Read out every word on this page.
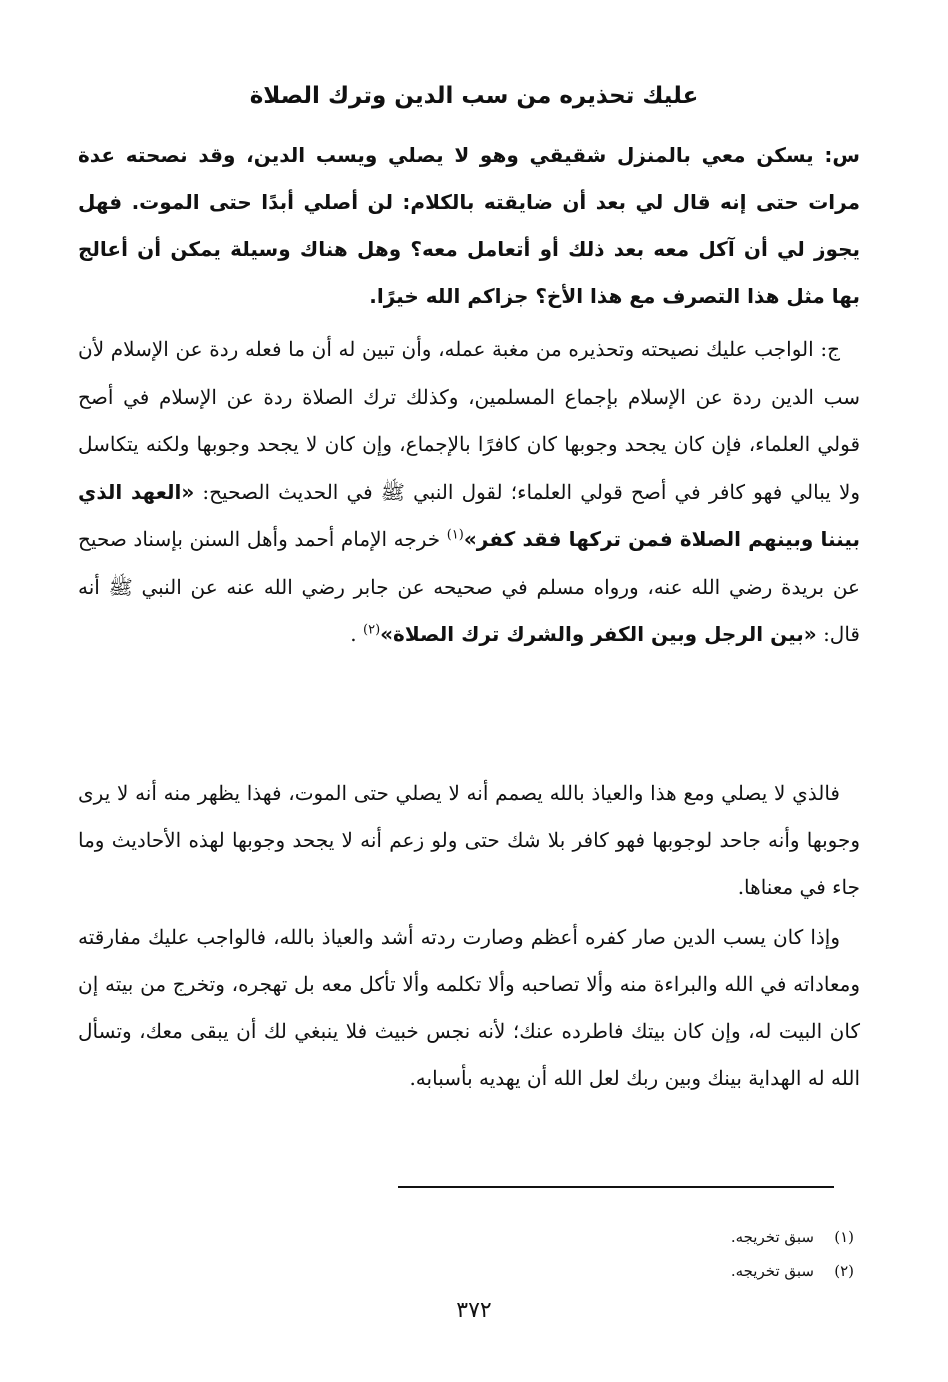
عليك تحذيره من سب الدين وترك الصلاة

س: يسكن معي بالمنزل شقيقي وهو لا يصلي ويسب الدين، وقد نصحته عدة مرات حتى إنه قال لي بعد أن ضايقته بالكلام: لن أصلي أبدًا حتى الموت. فهل يجوز لي أن آكل معه بعد ذلك أو أتعامل معه؟ وهل هناك وسيلة يمكن أن أعالج بها مثل هذا التصرف مع هذا الأخ؟ جزاكم الله خيرًا.

ج: الواجب عليك نصيحته وتحذيره من مغبة عمله، وأن تبين له أن ما فعله ردة عن الإسلام لأن سب الدين ردة عن الإسلام بإجماع المسلمين، وكذلك ترك الصلاة ردة عن الإسلام في أصح قولي العلماء، فإن كان يجحد وجوبها كان كافرًا بالإجماع، وإن كان لا يجحد وجوبها ولكنه يتكاسل ولا يبالي فهو كافر في أصح قولي العلماء؛ لقول النبي ﷺ في الحديث الصحيح: «العهد الذي بيننا وبينهم الصلاة فمن تركها فقد كفر»$^{(١)}$ خرجه الإمام أحمد وأهل السنن بإسناد صحيح عن بريدة رضي الله عنه، ورواه مسلم في صحيحه عن جابر رضي الله عنه عن النبي ﷺ أنه قال: «بين الرجل وبين الكفر والشرك ترك الصلاة»$^{(٢)}$ .

فالذي لا يصلي ومع هذا والعياذ بالله يصمم أنه لا يصلي حتى الموت، فهذا يظهر منه أنه لا يرى وجوبها وأنه جاحد لوجوبها فهو كافر بلا شك حتى ولو زعم أنه لا يجحد وجوبها لهذه الأحاديث وما جاء في معناها.

وإذا كان يسب الدين صار كفره أعظم وصارت ردته أشد والعياذ بالله، فالواجب عليك مفارقته ومعاداته في الله والبراءة منه وألا تصاحبه وألا تكلمه وألا تأكل معه بل تهجره، وتخرج من بيته إن كان البيت له، وإن كان بيتك فاطرده عنك؛ لأنه نجس خبيث فلا ينبغي لك أن يبقى معك، وتسأل الله له الهداية بينك وبين ربك لعل الله أن يهديه بأسبابه.

(١)سبق تخريجه.
(٢)سبق تخريجه.
٣٧٢
